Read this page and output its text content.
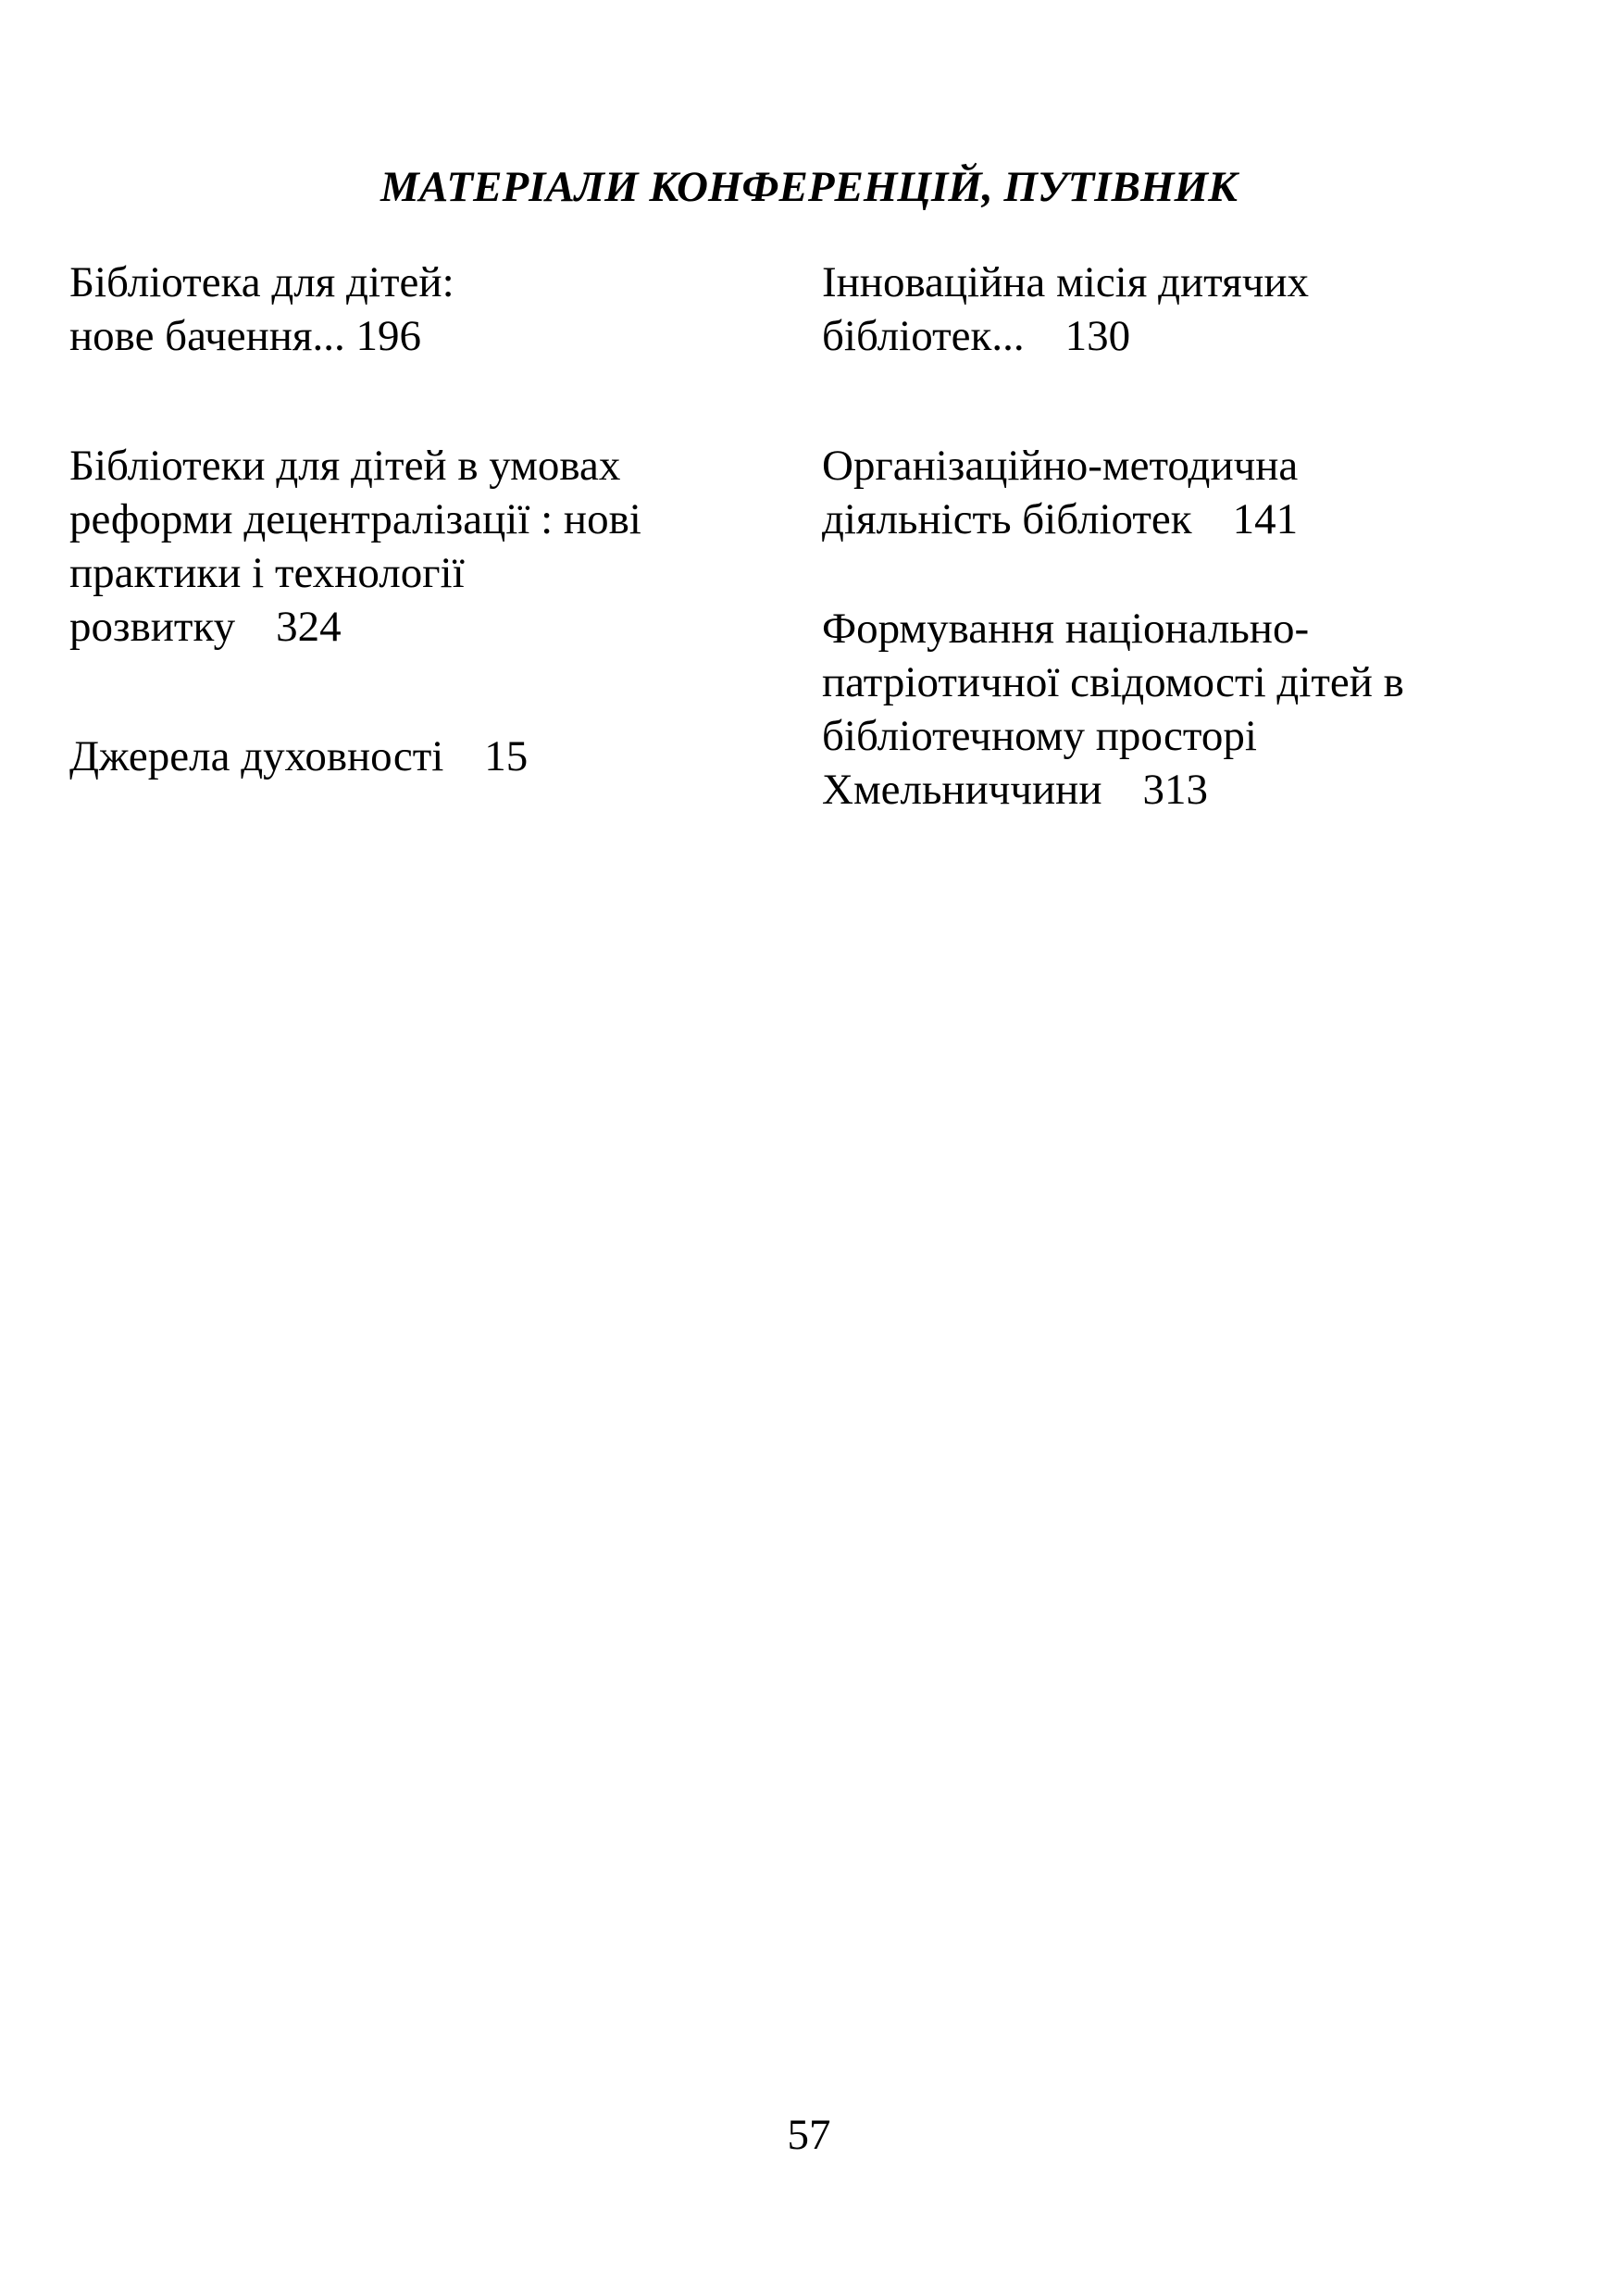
МАТЕРІАЛИ КОНФЕРЕНЦІЙ, ПУТІВНИК

Бібліотека для дітей:
нове бачення... 196

Бібліотеки для дітей в умовах
реформи децентралізації : нові
практики і технології
розвитку 324

Джерела духовності 15

Інноваційна місія дитячих
бібліотек... 130

Організаційно-методична
діяльність бібліотек 141

Формування національно-
патріотичної свідомості дітей в
бібліотечному просторі
Хмельниччини 313

57
